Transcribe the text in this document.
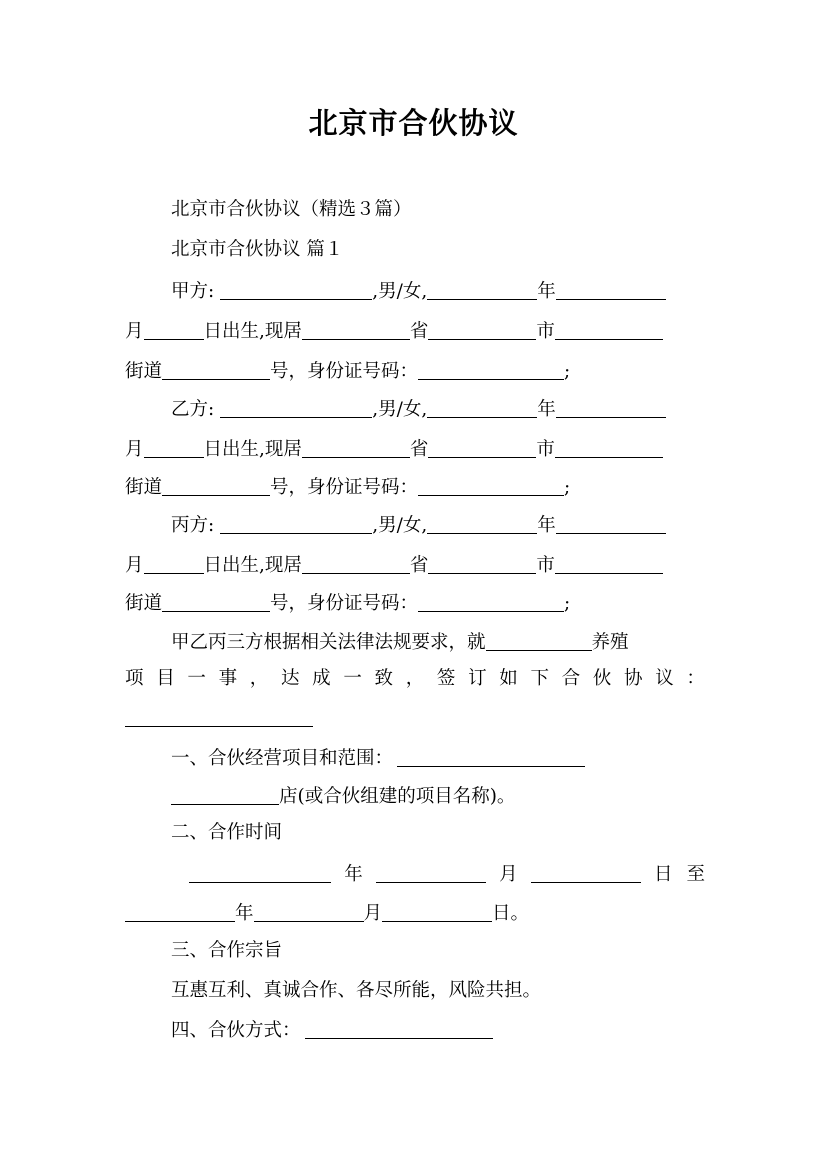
北京市合伙协议
北京市合伙协议（精选３篇）
北京市合伙协议 篇１
甲方:	,男/女,	年
月	日出生,现居	省	市
街道	号，身份证号码：	;
乙方:	,男/女,	年
月	日出生,现居	省	市
街道	号，身份证号码：	;
丙方:	,男/女,	年
月	日出生,现居	省	市
街道	号，身份证号码：	;
甲乙丙三方根据相关法律法规要求，就	养殖
项 目 一 事 ， 达 成 一 致 ， 签 订 如 下 合 伙 协 议 ：
一、合伙经营项目和范围：
店(或合伙组建的项目名称)。
二、合作时间
年	月	日至
年	月	日。
三、合作宗旨
互惠互利、真诚合作、各尽所能，风险共担。
四、合伙方式：
